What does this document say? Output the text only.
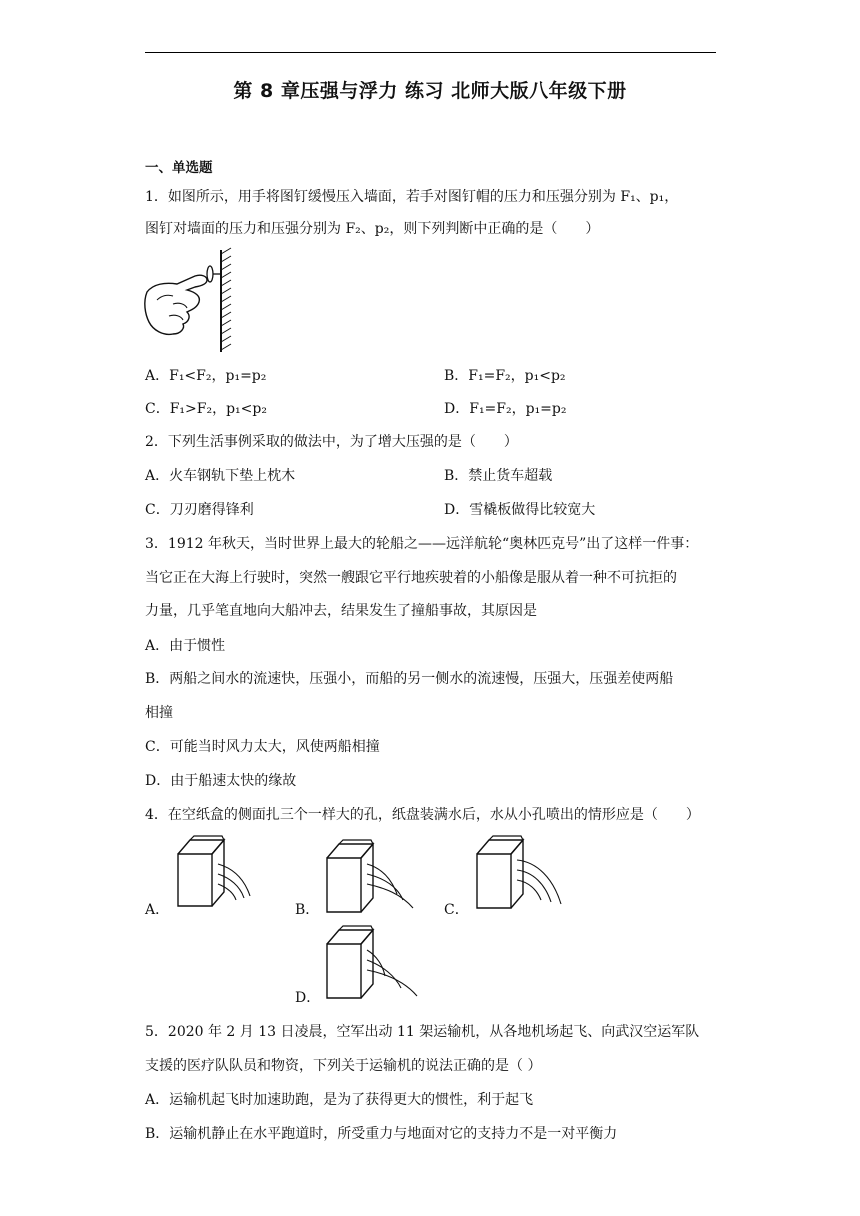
第 8 章压强与浮力 练习 北师大版八年级下册
一、单选题
1．如图所示，用手将图钉缓慢压入墙面，若手对图钉帽的压力和压强分别为 F₁、p₁，
图钉对墙面的压力和压强分别为 F₂、p₂，则下列判断中正确的是（　　）
A．F₁<F₂，p₁=p₂	B．F₁=F₂，p₁<p₂
C．F₁>F₂，p₁<p₂	D．F₁=F₂，p₁=p₂
2．下列生活事例采取的做法中，为了增大压强的是（　　）
A．火车钢轨下垫上枕木	B．禁止货车超载
C．刀刃磨得锋利	D．雪橇板做得比较宽大
3．1912 年秋天，当时世界上最大的轮船之——远洋航轮“奥林匹克号”出了这样一件事：
当它正在大海上行驶时，突然一艘跟它平行地疾驶着的小船像是服从着一种不可抗拒的
力量，几乎笔直地向大船冲去，结果发生了撞船事故，其原因是
A．由于惯性
B．两船之间水的流速快，压强小，而船的另一侧水的流速慢，压强大，压强差使两船
相撞
C．可能当时风力太大，风使两船相撞
D．由于船速太快的缘故
4．在空纸盒的侧面扎三个一样大的孔，纸盘装满水后，水从小孔喷出的情形应是（　　）
A．	B．	C．
D．
5．2020 年 2 月 13 日凌晨，空军出动 11 架运输机，从各地机场起飞、向武汉空运军队
支援的医疗队队员和物资，下列关于运输机的说法正确的是（ ）
A．运输机起飞时加速助跑，是为了获得更大的惯性，利于起飞
B．运输机静止在水平跑道时，所受重力与地面对它的支持力不是一对平衡力
